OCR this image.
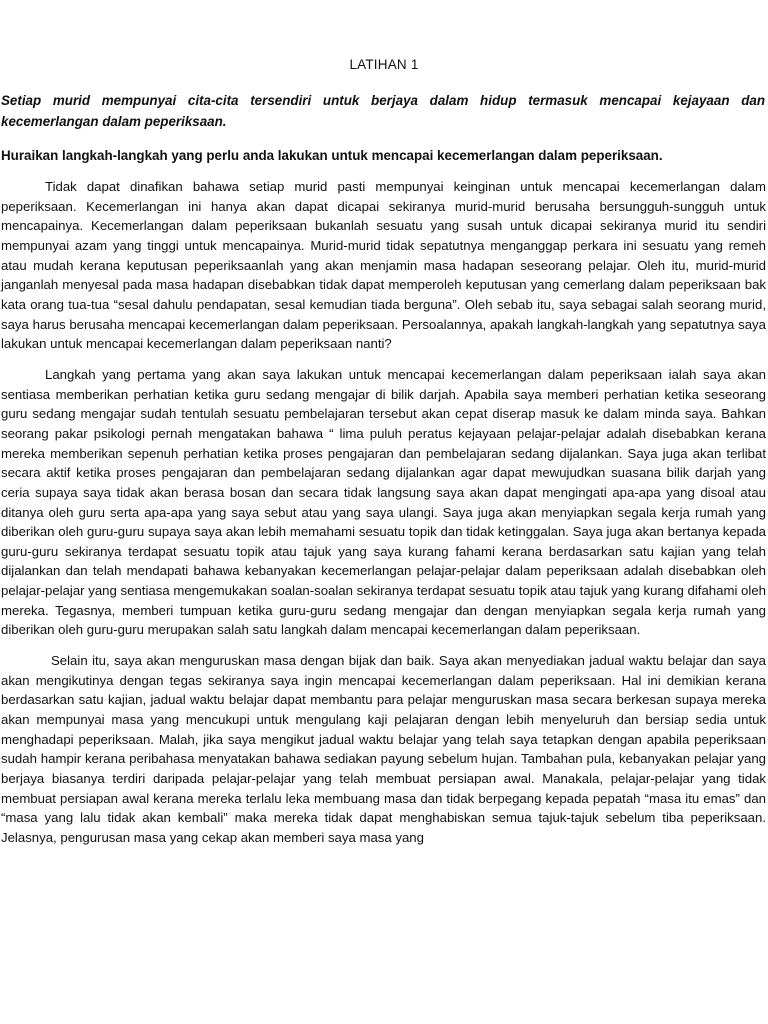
LATIHAN 1
Setiap murid mempunyai cita-cita tersendiri untuk berjaya dalam hidup termasuk mencapai kejayaan dan kecemerlangan dalam peperiksaan.
Huraikan langkah-langkah yang perlu anda lakukan untuk mencapai kecemerlangan dalam peperiksaan.

Tidak dapat dinafikan bahawa setiap murid pasti mempunyai keinginan untuk mencapai kecemerlangan dalam peperiksaan. Kecemerlangan ini hanya akan dapat dicapai sekiranya murid-murid berusaha bersungguh-sungguh untuk mencapainya. Kecemerlangan dalam peperiksaan bukanlah sesuatu yang susah untuk dicapai sekiranya murid itu sendiri mempunyai azam yang tinggi untuk mencapainya. Murid-murid tidak sepatutnya menganggap perkara ini sesuatu yang remeh atau mudah kerana keputusan peperiksaanlah yang akan menjamin masa hadapan seseorang pelajar. Oleh itu, murid-murid janganlah menyesal pada masa hadapan disebabkan tidak dapat memperoleh keputusan yang cemerlang dalam peperiksaan bak kata orang tua-tua “sesal dahulu pendapatan, sesal kemudian tiada berguna”. Oleh sebab itu, saya sebagai salah seorang murid, saya harus berusaha mencapai kecemerlangan dalam peperiksaan. Persoalannya, apakah langkah-langkah yang sepatutnya saya lakukan untuk mencapai kecemerlangan dalam peperiksaan nanti?

Langkah yang pertama yang akan saya lakukan untuk mencapai kecemerlangan dalam peperiksaan ialah saya akan sentiasa memberikan perhatian ketika guru sedang mengajar di bilik darjah. Apabila saya memberi perhatian ketika seseorang guru sedang mengajar sudah tentulah sesuatu pembelajaran tersebut akan cepat diserap masuk ke dalam minda saya. Bahkan seorang pakar psikologi pernah mengatakan bahawa “ lima puluh peratus kejayaan pelajar-pelajar adalah disebabkan kerana mereka memberikan sepenuh perhatian ketika proses pengajaran dan pembelajaran sedang dijalankan. Saya juga akan terlibat secara aktif ketika proses pengajaran dan pembelajaran sedang dijalankan agar dapat mewujudkan suasana bilik darjah yang ceria supaya saya tidak akan berasa bosan dan secara tidak langsung saya akan dapat mengingati apa-apa yang disoal atau ditanya oleh guru serta apa-apa yang saya sebut atau yang saya ulangi. Saya juga akan menyiapkan segala kerja rumah yang diberikan oleh guru-guru supaya saya akan lebih memahami sesuatu topik dan tidak ketinggalan. Saya juga akan bertanya kepada guru-guru sekiranya terdapat sesuatu topik atau tajuk yang saya kurang fahami kerana berdasarkan satu kajian yang telah dijalankan dan telah mendapati bahawa kebanyakan kecemerlangan pelajar-pelajar dalam peperiksaan adalah disebabkan oleh pelajar-pelajar yang sentiasa mengemukakan soalan-soalan sekiranya terdapat sesuatu topik atau tajuk yang kurang difahami oleh mereka. Tegasnya, memberi tumpuan ketika guru-guru sedang mengajar dan dengan menyiapkan segala kerja rumah yang diberikan oleh guru-guru merupakan salah satu langkah dalam mencapai kecemerlangan dalam peperiksaan.

Selain itu, saya akan menguruskan masa dengan bijak dan baik. Saya akan menyediakan jadual waktu belajar dan saya akan mengikutinya dengan tegas sekiranya saya ingin mencapai kecemerlangan dalam peperiksaan. Hal ini demikian kerana berdasarkan satu kajian, jadual waktu belajar dapat membantu para pelajar menguruskan masa secara berkesan supaya mereka akan mempunyai masa yang mencukupi untuk mengulang kaji pelajaran dengan lebih menyeluruh dan bersiap sedia untuk menghadapi peperiksaan. Malah, jika saya mengikut jadual waktu belajar yang telah saya tetapkan dengan apabila peperiksaan sudah hampir kerana peribahasa menyatakan bahawa sediakan payung sebelum hujan. Tambahan pula, kebanyakan pelajar yang berjaya biasanya terdiri daripada pelajar-pelajar yang telah membuat persiapan awal. Manakala, pelajar-pelajar yang tidak membuat persiapan awal kerana mereka terlalu leka membuang masa dan tidak berpegang kepada pepatah “masa itu emas” dan “masa yang lalu tidak akan kembali” maka mereka tidak dapat menghabiskan semua tajuk-tajuk sebelum tiba peperiksaan. Jelasnya, pengurusan masa yang cekap akan memberi saya masa yang
